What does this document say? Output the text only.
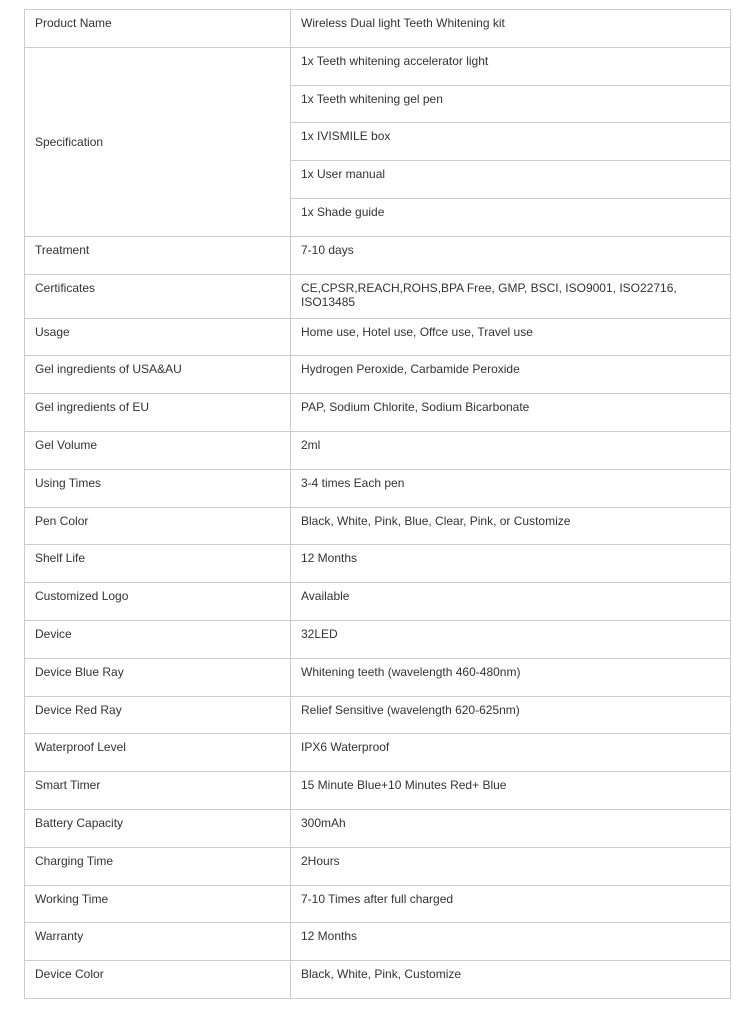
Product Name	Wireless Dual light Teeth Whitening kit
Specification	1x Teeth whitening accelerator light
	1x Teeth whitening gel pen
	1x IVISMILE box
	1x User manual
	1x Shade guide
Treatment	7-10 days
Certificates	CE,CPSR,REACH,ROHS,BPA Free, GMP, BSCI, ISO9001, ISO22716, ISO13485
Usage	Home use, Hotel use, Offce use, Travel use
Gel ingredients of USA&AU	Hydrogen Peroxide, Carbamide Peroxide
Gel ingredients of EU	PAP, Sodium Chlorite, Sodium Bicarbonate
Gel Volume	2ml
Using Times	3-4 times Each pen
Pen Color	Black, White, Pink, Blue, Clear, Pink, or Customize
Shelf Life	12 Months
Customized Logo	Available
Device	32LED
Device Blue Ray	Whitening teeth (wavelength 460-480nm)
Device Red Ray	Relief Sensitive (wavelength 620-625nm)
Waterproof Level	IPX6 Waterproof
Smart Timer	15 Minute Blue+10 Minutes Red+ Blue
Battery Capacity	300mAh
Charging Time	2Hours
Working Time	7-10 Times after full charged
Warranty	12 Months
Device Color	Black, White, Pink, Customize
